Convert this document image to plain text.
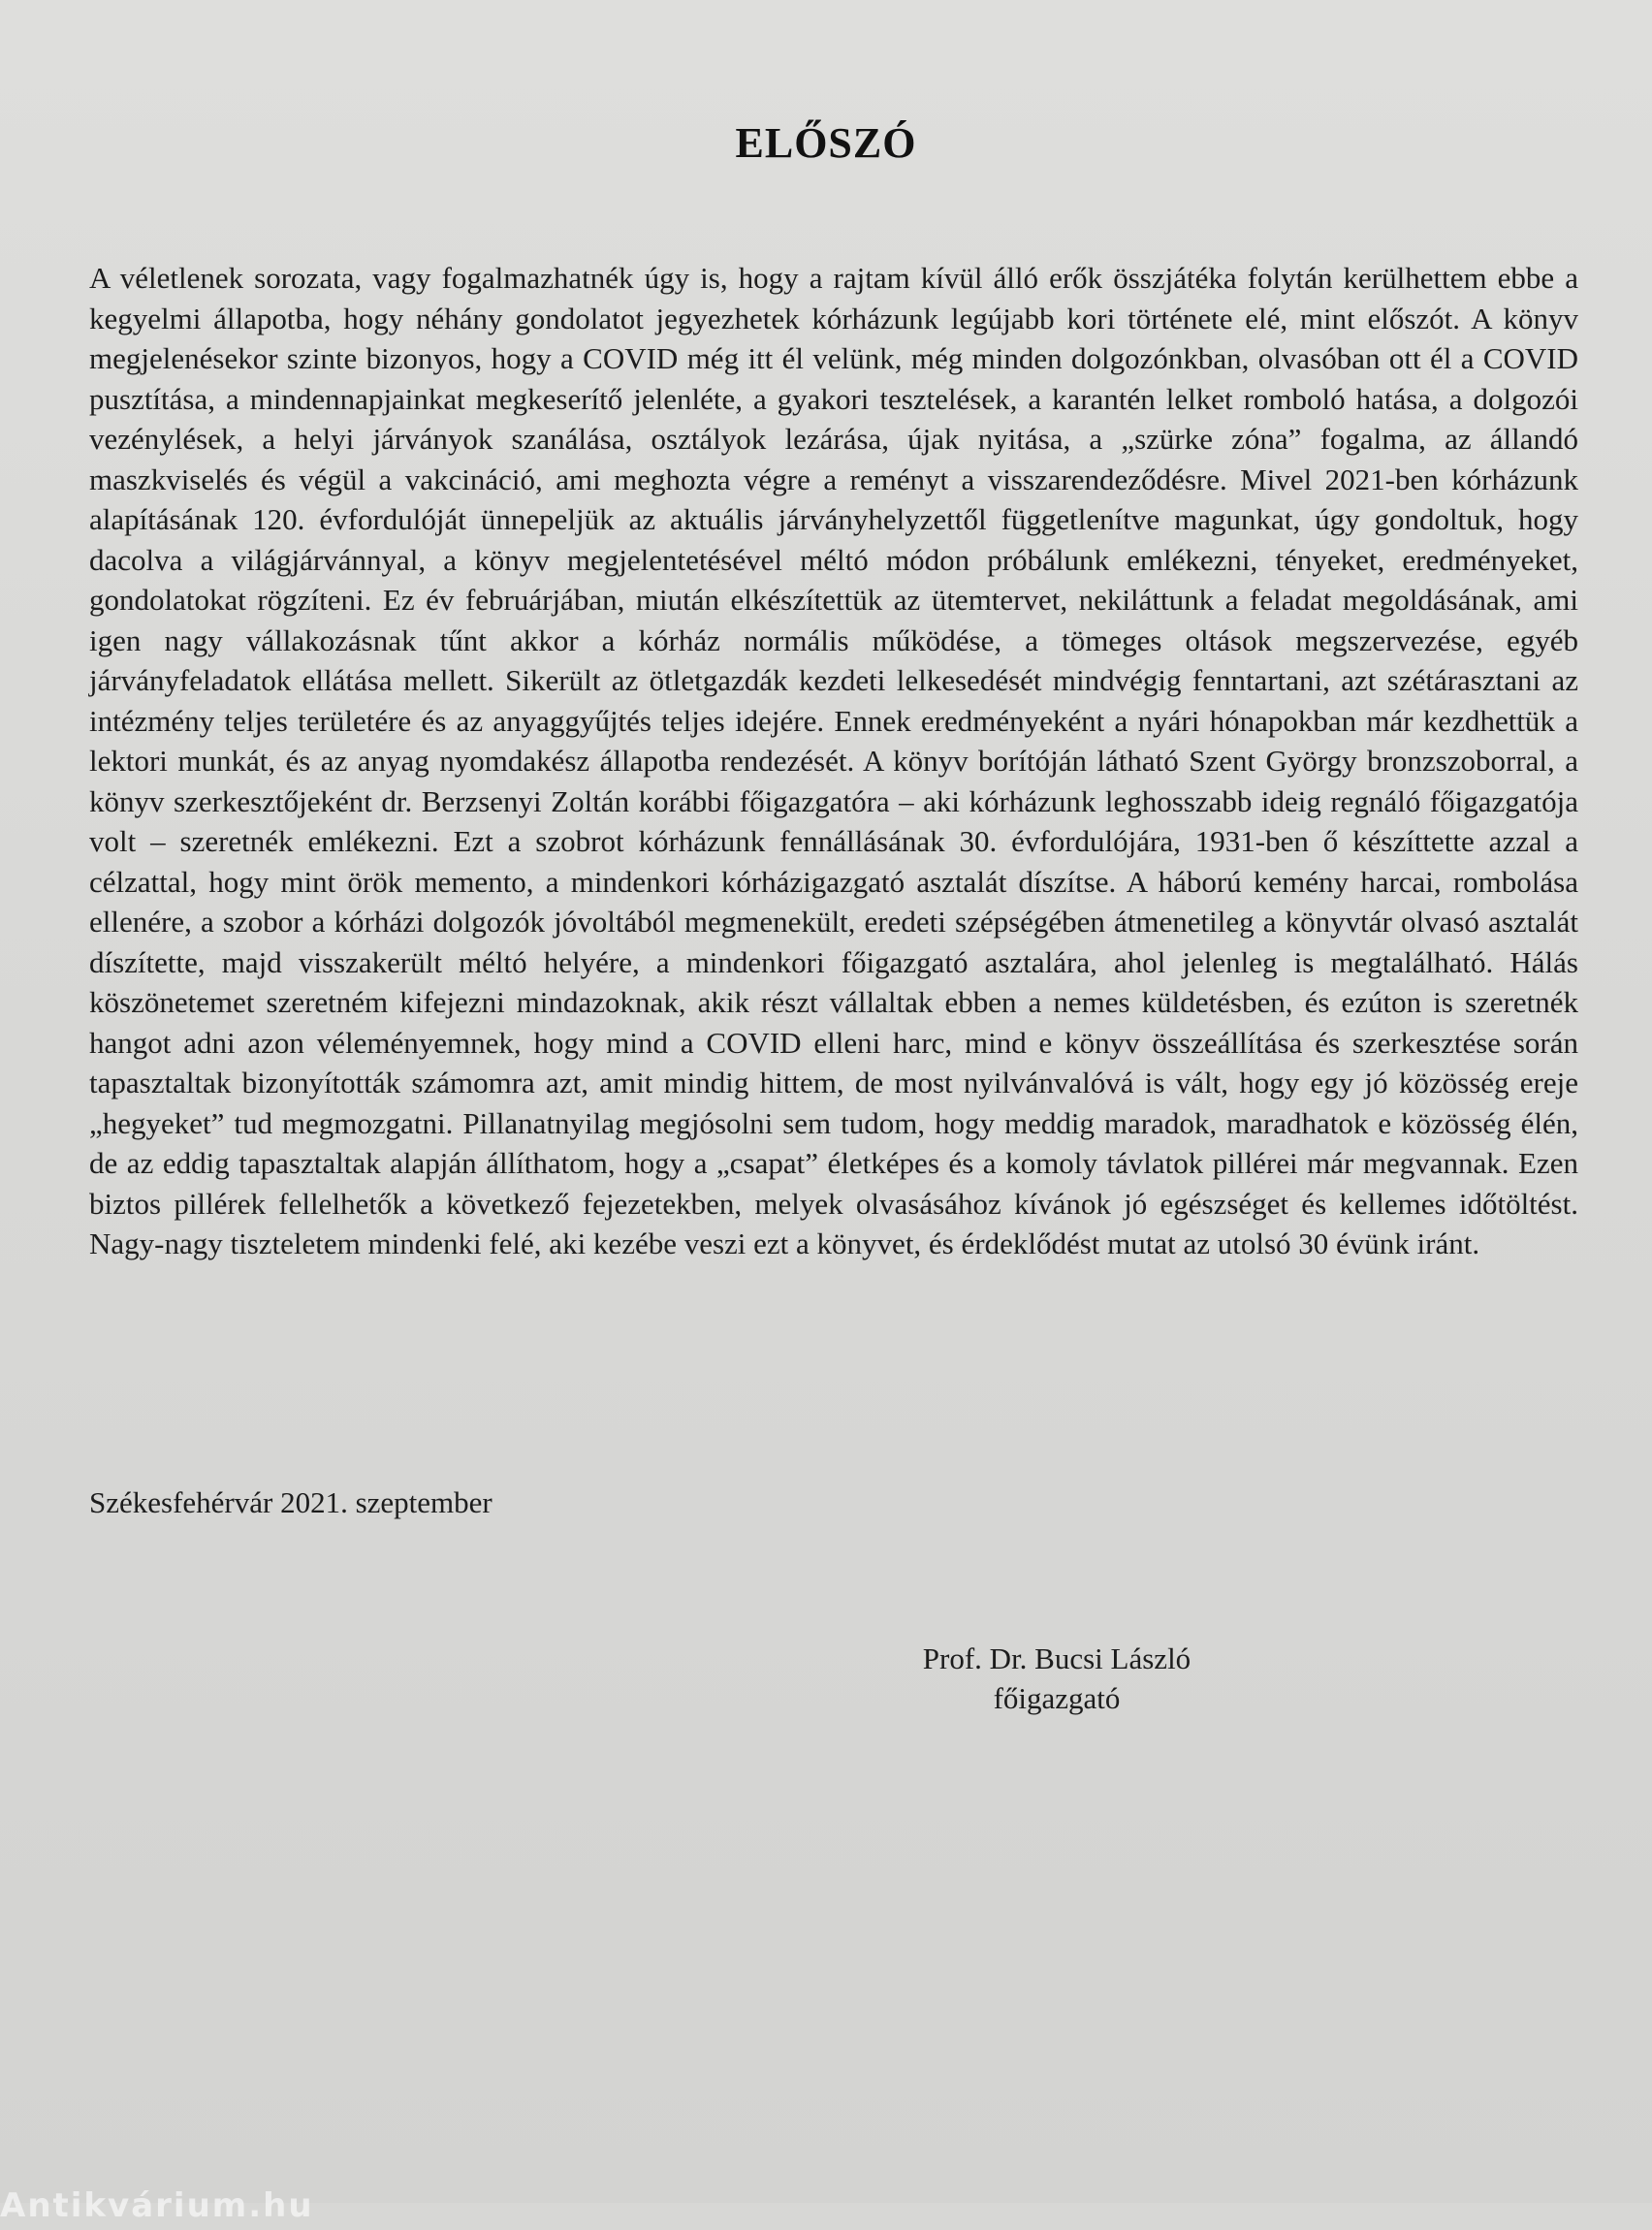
ELŐSZÓ
A véletlenek sorozata, vagy fogalmazhatnék úgy is, hogy a rajtam kívül álló erők összjátéka folytán kerülhettem ebbe a kegyelmi állapotba, hogy néhány gondolatot jegyezhetek kórházunk legújabb kori története elé, mint előszót. A könyv megjelenésekor szinte bizonyos, hogy a COVID még itt él velünk, még minden dolgozónkban, olvasóban ott él a COVID pusztítása, a mindennapjainkat megkeserítő jelenléte, a gyakori tesztelések, a karantén lelket romboló hatása, a dolgozói vezénylések, a helyi járványok szanálása, osztályok lezárása, újak nyitása, a „szürke zóna” fogalma, az állandó maszkviselés és végül a vakcináció, ami meghozta végre a reményt a visszarendeződésre. Mivel 2021-ben kórházunk alapításának 120. évfordulóját ünnepeljük az aktuális járványhelyzettől függetlenítve magunkat, úgy gondoltuk, hogy dacolva a világjárvánnyal, a könyv megjelentetésével méltó módon próbálunk emlékezni, tényeket, eredményeket, gondolatokat rögzíteni. Ez év februárjában, miután elkészítettük az ütemtervet, nekiláttunk a feladat megoldásának, ami igen nagy vállakozásnak tűnt akkor a kórház normális működése, a tömeges oltások megszervezése, egyéb járványfeladatok ellátása mellett. Sikerült az ötletgazdák kezdeti lelkesedését mindvégig fenntartani, azt szétárasztani az intézmény teljes területére és az anyaggyűjtés teljes idejére. Ennek eredményeként a nyári hónapokban már kezdhettük a lektori munkát, és az anyag nyomdakész állapotba rendezését. A könyv borítóján látható Szent György bronzszoborral, a könyv szerkesztőjeként dr. Berzsenyi Zoltán korábbi főigazgatóra – aki kórházunk leghosszabb ideig regnáló főigazgatója volt – szeretnék emlékezni. Ezt a szobrot kórházunk fennállásának 30. évfordulójára, 1931-ben ő készíttette azzal a célzattal, hogy mint örök memento, a mindenkori kórházigazgató asztalát díszítse. A háború kemény harcai, rombolása ellenére, a szobor a kórházi dolgozók jóvoltából megmenekült, eredeti szépségében átmenetileg a könyvtár olvasó asztalát díszítette, majd visszakerült méltó helyére, a mindenkori főigazgató asztalára, ahol jelenleg is megtalálható. Hálás köszönetemet szeretném kifejezni mindazoknak, akik részt vállaltak ebben a nemes küldetésben, és ezúton is szeretnék hangot adni azon véleményemnek, hogy mind a COVID elleni harc, mind e könyv összeállítása és szerkesztése során tapasztaltak bizonyították számomra azt, amit mindig hittem, de most nyilvánvalóvá is vált, hogy egy jó közösség ereje „hegyeket” tud megmozgatni. Pillanatnyilag megjósolni sem tudom, hogy meddig maradok, maradhatok e közösség élén, de az eddig tapasztaltak alapján állíthatom, hogy a „csapat” életképes és a komoly távlatok pillérei már megvannak. Ezen biztos pillérek fellelhetők a következő fejezetekben, melyek olvasásához kívánok jó egészséget és kellemes időtöltést. Nagy-nagy tiszteletem mindenki felé, aki kezébe veszi ezt a könyvet, és érdeklődést mutat az utolsó 30 évünk iránt.
Székesfehérvár 2021. szeptember
Prof. Dr. Bucsi László
főigazgató
Antikvárium.hu
